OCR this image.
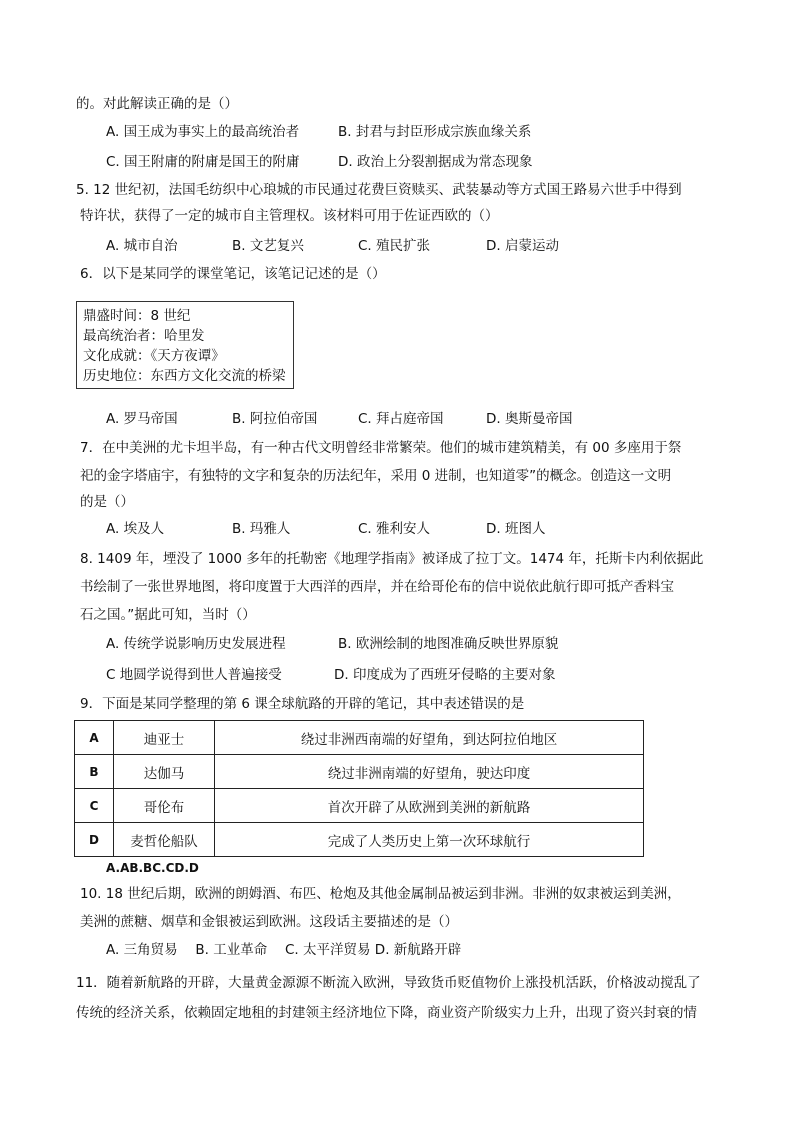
的。对此解读正确的是（）
A. 国王成为事实上的最高统治者	B. 封君与封臣形成宗族血缘关系
C. 国王附庸的附庸是国王的附庸	D. 政治上分裂割据成为常态现象
5. 12 世纪初，法国毛纺织中心琅城的市民通过花费巨资赎买、武装暴动等方式国王路易六世手中得到
特许状，获得了一定的城市自主管理权。该材料可用于佐证西欧的（）
A. 城市自治	B. 文艺复兴	C. 殖民扩张	D. 启蒙运动
6．以下是某同学的课堂笔记，该笔记记述的是（）
鼎盛时间：8 世纪
最高统治者：哈里发
文化成就：《天方夜谭》
历史地位：东西方文化交流的桥梁
A. 罗马帝国	B. 阿拉伯帝国	C. 拜占庭帝国	D. 奥斯曼帝国
7．在中美洲的尤卡坦半岛，有一种古代文明曾经非常繁荣。他们的城市建筑精美，有 00 多座用于祭
祀的金字塔庙宇，有独特的文字和复杂的历法纪年，采用 0 进制，也知道零”的概念。创造这一文明
的是（）
A. 埃及人	B. 玛雅人	C. 雅利安人	D. 班图人
8. 1409 年，堙没了 1000 多年的托勒密《地理学指南》被译成了拉丁文。1474 年，托斯卡内利依据此
书绘制了一张世界地图，将印度置于大西洋的西岸，并在给哥伦布的信中说依此航行即可抵产香料宝
石之国。”据此可知，当时（）
A. 传统学说影响历史发展进程	B. 欧洲绘制的地图准确反映世界原貌
C 地圆学说得到世人普遍接受	D. 印度成为了西班牙侵略的主要对象
9．下面是某同学整理的第 6 课全球航路的开辟的笔记，其中表述错误的是
A	迪亚士	绕过非洲西南端的好望角，到达阿拉伯地区
B	达伽马	绕过非洲南端的好望角，驶达印度
C	哥伦布	首次开辟了从欧洲到美洲的新航路
D	麦哲伦船队	完成了人类历史上第一次环球航行
A.AB.BC.CD.D
10. 18 世纪后期，欧洲的朗姆酒、布匹、枪炮及其他金属制品被运到非洲。非洲的奴隶被运到美洲，
美洲的蔗糖、烟草和金银被运到欧洲。这段话主要描述的是（）
A. 三角贸易　 B. 工业革命　 C. 太平洋贸易 D. 新航路开辟
11．随着新航路的开辟，大量黄金源源不断流入欧洲，导致货币贬值物价上涨投机活跃，价格波动搅乱了
传统的经济关系，依赖固定地租的封建领主经济地位下降，商业资产阶级实力上升，出现了资兴封衰的情
